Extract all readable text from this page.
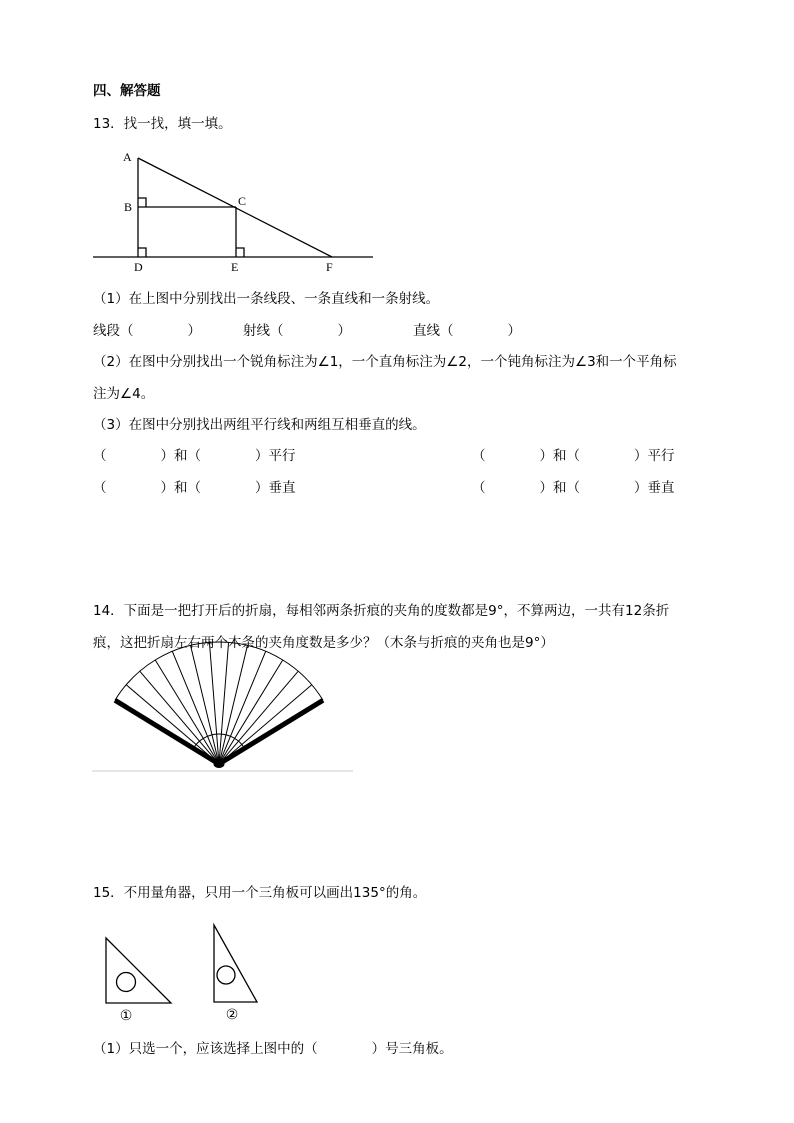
四、解答题
13．找一找，填一填。
A
B	C
D	E	F
（1）在上图中分别找出一条线段、一条直线和一条射线。
线段（　　　　）	射线（　　　　）	直线（　　　　）
（2）在图中分别找出一个锐角标注为∠1，一个直角标注为∠2，一个钝角标注为∠3和一个平角标
注为∠4。
（3）在图中分别找出两组平行线和两组互相垂直的线。
（　　　　）和（　　　　）平行	（　　　　）和（　　　　）平行
（　　　　）和（　　　　）垂直	（　　　　）和（　　　　）垂直
14．下面是一把打开后的折扇，每相邻两条折痕的夹角的度数都是9°，不算两边，一共有12条折
痕，这把折扇左右两个木条的夹角度数是多少？（木条与折痕的夹角也是9°）
15．不用量角器，只用一个三角板可以画出135°的角。
①	②
（1）只选一个，应该选择上图中的（　　　　）号三角板。
